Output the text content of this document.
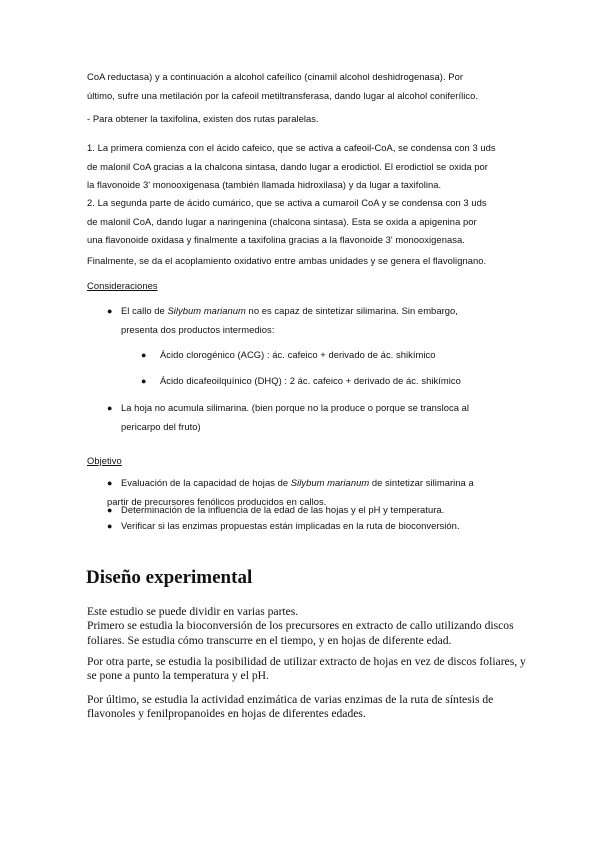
CoA reductasa) y a continuación a alcohol cafeílico (cinamil alcohol deshidrogenasa). Por
último, sufre una metilación por la cafeoil metiltransferasa, dando lugar al alcohol coniferílico.

- Para obtener la taxifolina, existen dos rutas paralelas.

1. La primera comienza con el ácido cafeico, que se activa a cafeoil-CoA, se condensa con 3 uds
de malonil CoA gracias a la chalcona sintasa, dando lugar a erodictiol. El erodictiol se oxida por
la flavonoide 3' monooxigenasa (también llamada hidroxilasa) y da lugar a taxifolina.

2. La segunda parte de ácido cumárico, que se activa a cumaroil CoA y se condensa con 3 uds
de malonil CoA, dando lugar a naringenina (chalcona sintasa). Esta se oxida a apigenina por
una flavonoide oxidasa y finalmente a taxifolina gracias a la flavonoide 3' monooxigenasa.

Finalmente, se da el acoplamiento oxidativo entre ambas unidades y se genera el flavolignano.

Consideraciones

● El callo de Silybum marianum no es capaz de sintetizar silimarina. Sin embargo,
presenta dos productos intermedios:

● Ácido clorogénico (ACG) : ác. cafeico + derivado de ác. shikímico

● Ácido dicafeoilquínico (DHQ) : 2 ác. cafeico + derivado de ác. shikímico

● La hoja no acumula silimarina. (bien porque no la produce o porque se transloca al
pericarpo del fruto)

Objetivo

● Evaluación de la capacidad de hojas de Silybum marianum de sintetizar silimarina a
partir de precursores fenólicos producidos en callos.

● Determinación de la influencia de la edad de las hojas y el pH y temperatura.

● Verificar si las enzimas propuestas están implicadas en la ruta de bioconversión.

Diseño experimental

Este estudio se puede dividir en varias partes.
Primero se estudia la bioconversión de los precursores en extracto de callo utilizando discos
foliares. Se estudia cómo transcurre en el tiempo, y en hojas de diferente edad.

Por otra parte, se estudia la posibilidad de utilizar extracto de hojas en vez de discos foliares, y
se pone a punto la temperatura y el pH.

Por último, se estudia la actividad enzimática de varias enzimas de la ruta de síntesis de
flavonoles y fenilpropanoides en hojas de diferentes edades.
